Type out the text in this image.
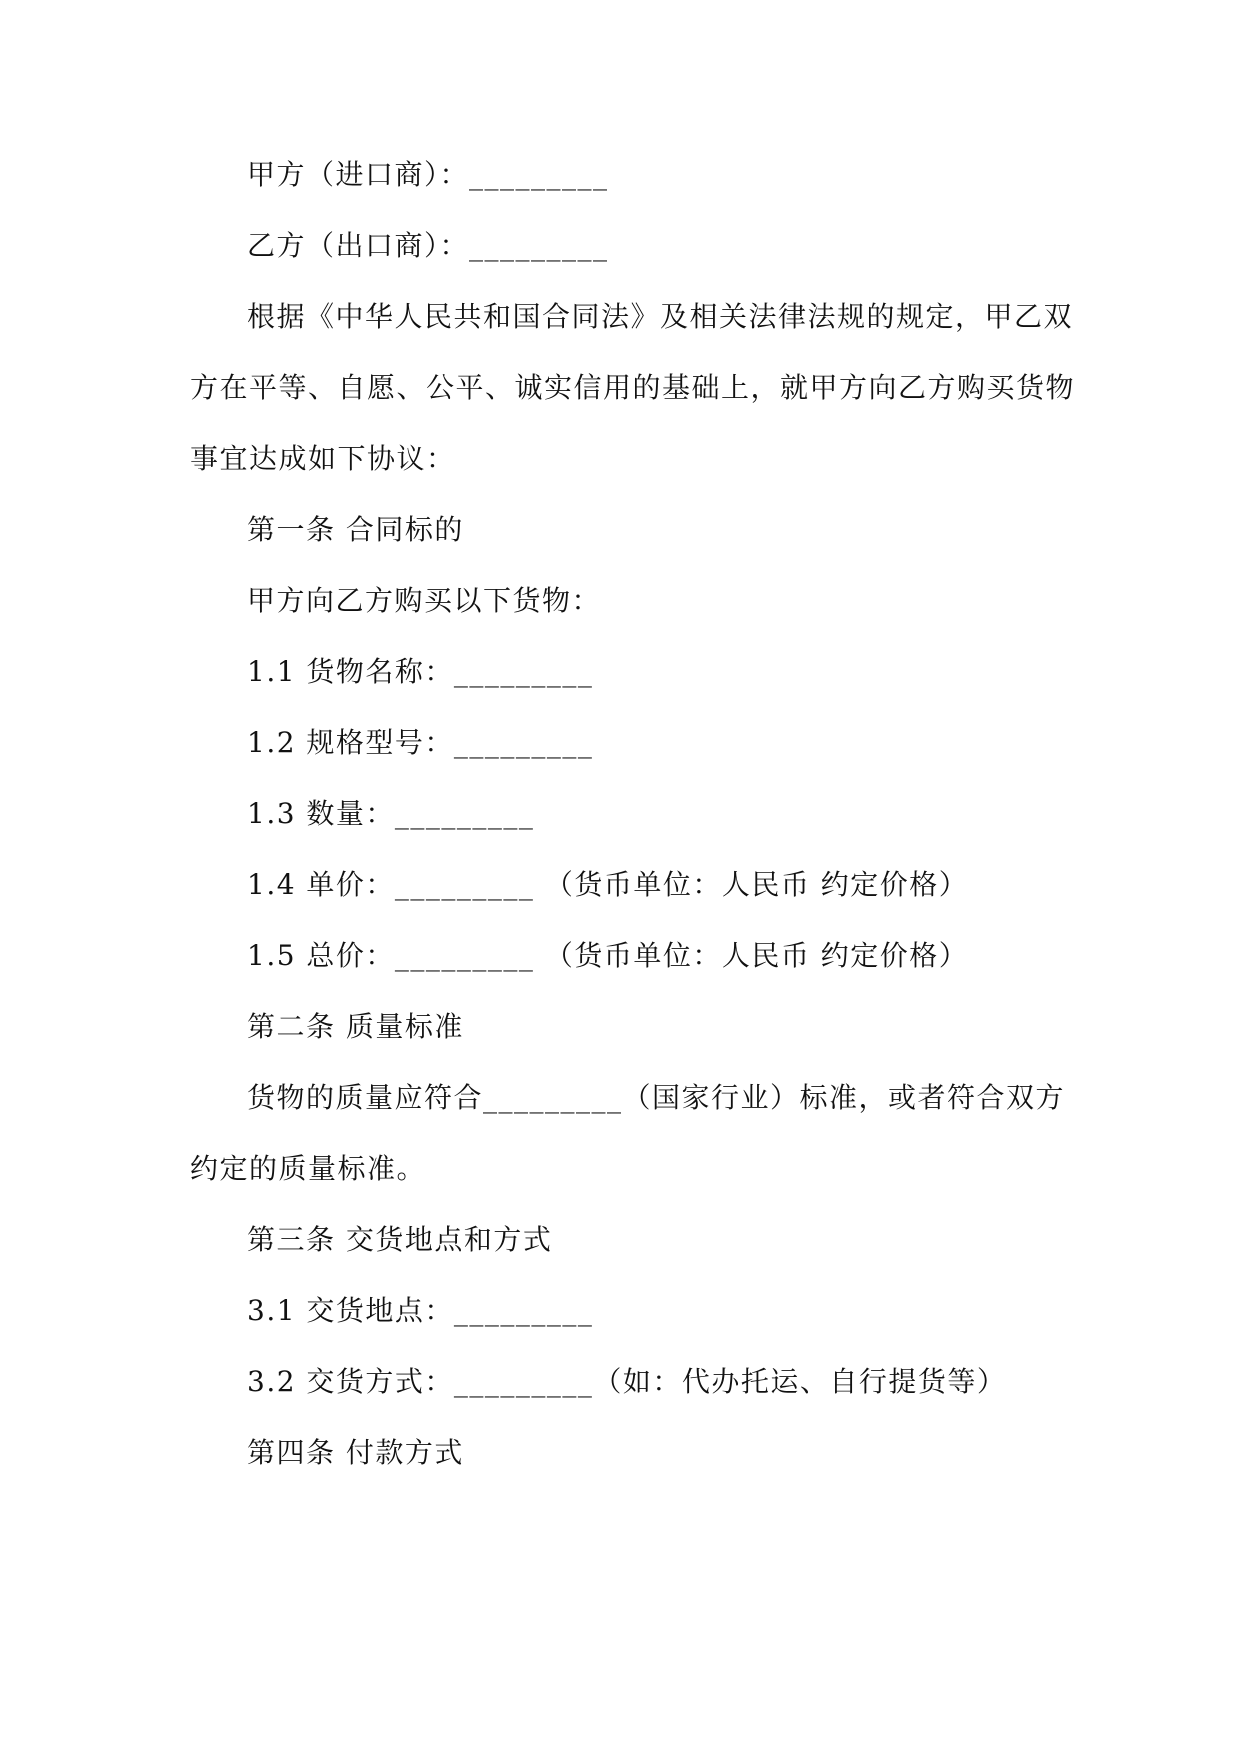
甲方（进口商）：_________
乙方（出口商）：_________
根据《中华人民共和国合同法》及相关法律法规的规定，甲乙双
方在平等、自愿、公平、诚实信用的基础上，就甲方向乙方购买货物
事宜达成如下协议：
第一条 合同标的
甲方向乙方购买以下货物：
1.1 货物名称：_________
1.2 规格型号：_________
1.3 数量：_________
1.4 单价：_________ （货币单位：人民币 约定价格）
1.5 总价：_________ （货币单位：人民币 约定价格）
第二条 质量标准
货物的质量应符合_________（国家行业）标准，或者符合双方
约定的质量标准。
第三条 交货地点和方式
3.1 交货地点：_________
3.2 交货方式：_________（如：代办托运、自行提货等）
第四条 付款方式
